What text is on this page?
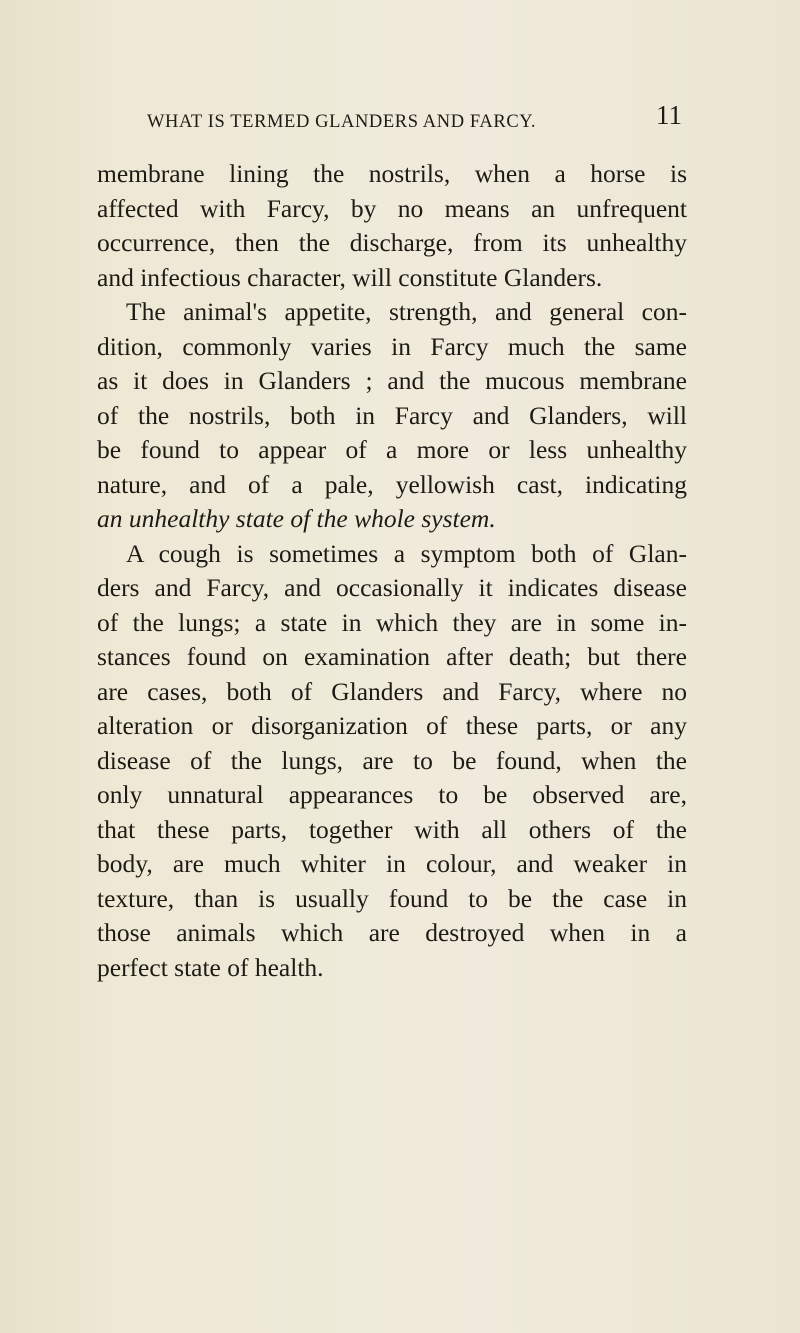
WHAT IS TERMED GLANDERS AND FARCY.	11
membrane lining the nostrils, when a horse is
affected with Farcy, by no means an unfrequent
occurrence, then the discharge, from its unhealthy
and infectious character, will constitute Glanders.
The animal's appetite, strength, and general con-
dition, commonly varies in Farcy much the same
as it does in Glanders ; and the mucous membrane
of the nostrils, both in Farcy and Glanders, will
be found to appear of a more or less unhealthy
nature, and of a pale, yellowish cast, indicating
an unhealthy state of the whole system.
A cough is sometimes a symptom both of Glan-
ders and Farcy, and occasionally it indicates disease
of the lungs; a state in which they are in some in-
stances found on examination after death; but there
are cases, both of Glanders and Farcy, where no
alteration or disorganization of these parts, or any
disease of the lungs, are to be found, when the
only unnatural appearances to be observed are,
that these parts, together with all others of the
body, are much whiter in colour, and weaker in
texture, than is usually found to be the case in
those animals which are destroyed when in a
perfect state of health.
